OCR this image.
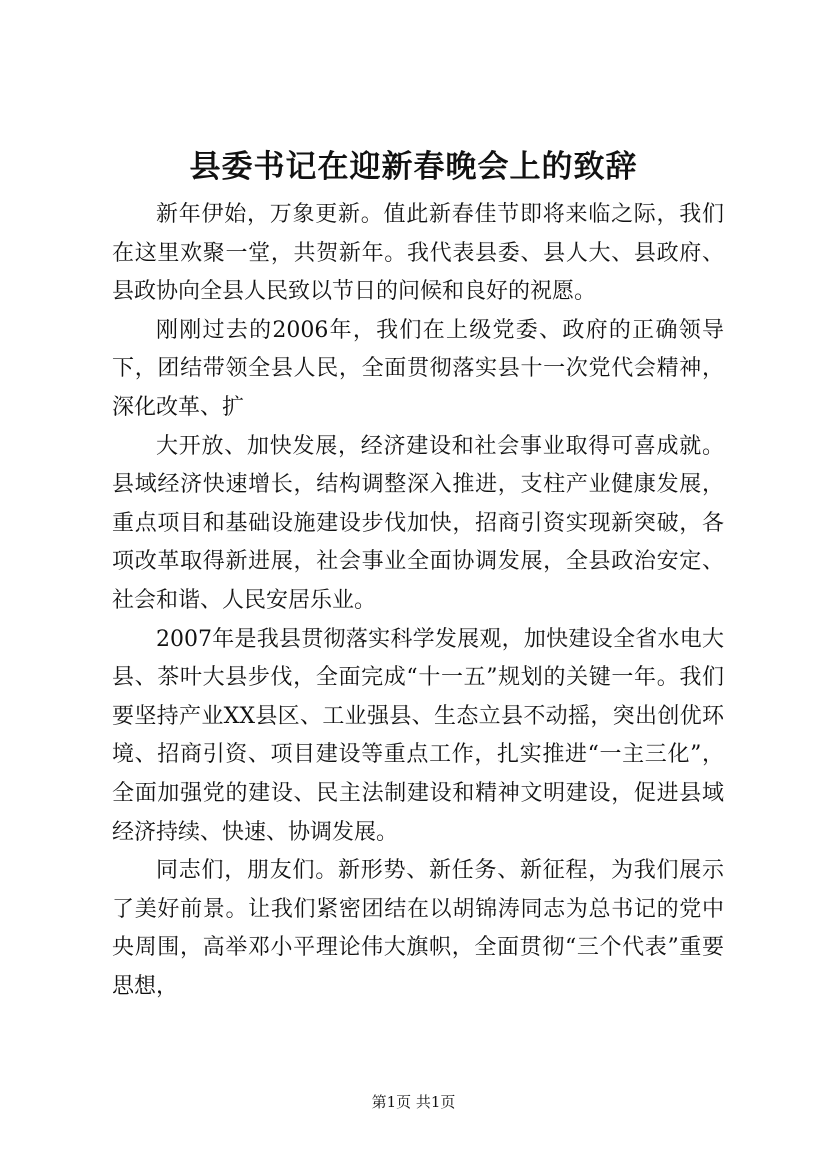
县委书记在迎新春晚会上的致辞

新年伊始，万象更新。值此新春佳节即将来临之际，我们在这里欢聚一堂，共贺新年。我代表县委、县人大、县政府、县政协向全县人民致以节日的问候和良好的祝愿。

刚刚过去的2006年，我们在上级党委、政府的正确领导下，团结带领全县人民，全面贯彻落实县十一次党代会精神，深化改革、扩

大开放、加快发展，经济建设和社会事业取得可喜成就。县域经济快速增长，结构调整深入推进，支柱产业健康发展，重点项目和基础设施建设步伐加快，招商引资实现新突破，各项改革取得新进展，社会事业全面协调发展，全县政治安定、社会和谐、人民安居乐业。

2007年是我县贯彻落实科学发展观，加快建设全省水电大县、茶叶大县步伐，全面完成“十一五”规划的关键一年。我们要坚持产业XX县区、工业强县、生态立县不动摇，突出创优环境、招商引资、项目建设等重点工作，扎实推进“一主三化”，全面加强党的建设、民主法制建设和精神文明建设，促进县域经济持续、快速、协调发展。

同志们，朋友们。新形势、新任务、新征程，为我们展示了美好前景。让我们紧密团结在以胡锦涛同志为总书记的党中央周围，高举邓小平理论伟大旗帜，全面贯彻“三个代表”重要思想，

第1页 共1页
